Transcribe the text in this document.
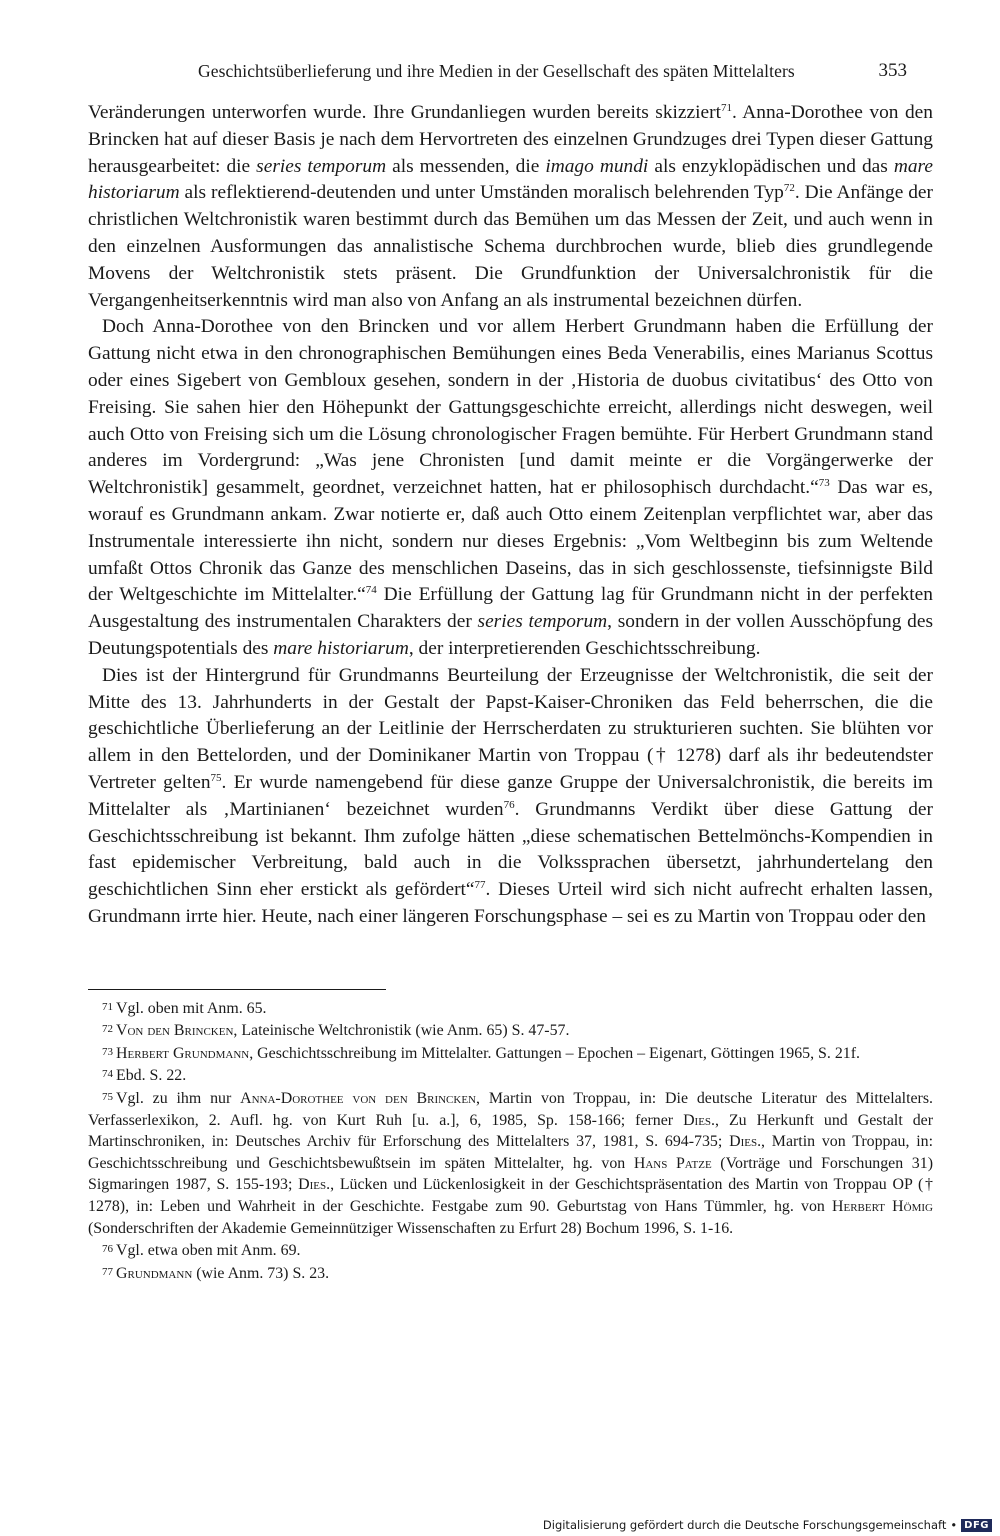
Geschichtsüberlieferung und ihre Medien in der Gesellschaft des späten Mittelalters	353

Veränderungen unterworfen wurde. Ihre Grundanliegen wurden bereits skizziert$^{71}$. Anna-Dorothee von den Brincken hat auf dieser Basis je nach dem Hervortreten des einzelnen Grundzuges drei Typen dieser Gattung herausgearbeitet: die series temporum als messenden, die imago mundi als enzyklopädischen und das mare historiarum als reflektierend-deutenden und unter Umständen moralisch belehrenden Typ$^{72}$. Die Anfänge der christlichen Weltchronistik waren bestimmt durch das Bemühen um das Messen der Zeit, und auch wenn in den einzelnen Ausformungen das annalistische Schema durchbrochen wurde, blieb dies grundlegende Movens der Weltchronistik stets präsent. Die Grundfunktion der Universalchronistik für die Vergangenheitserkenntnis wird man also von Anfang an als instrumental bezeichnen dürfen.

Doch Anna-Dorothee von den Brincken und vor allem Herbert Grundmann haben die Erfüllung der Gattung nicht etwa in den chronographischen Bemühungen eines Beda Venerabilis, eines Marianus Scottus oder eines Sigebert von Gembloux gesehen, sondern in der ‚Historia de duobus civitatibus‘ des Otto von Freising. Sie sahen hier den Höhepunkt der Gattungsgeschichte erreicht, allerdings nicht deswegen, weil auch Otto von Freising sich um die Lösung chronologischer Fragen bemühte. Für Herbert Grundmann stand anderes im Vordergrund: „Was jene Chronisten [und damit meinte er die Vorgängerwerke der Weltchronistik] gesammelt, geordnet, verzeichnet hatten, hat er philosophisch durchdacht.“$^{73}$ Das war es, worauf es Grundmann ankam. Zwar notierte er, daß auch Otto einem Zeitenplan verpflichtet war, aber das Instrumentale interessierte ihn nicht, sondern nur dieses Ergebnis: „Vom Weltbeginn bis zum Weltende umfaßt Ottos Chronik das Ganze des menschlichen Daseins, das in sich geschlossenste, tiefsinnigste Bild der Weltgeschichte im Mittelalter.“$^{74}$ Die Erfüllung der Gattung lag für Grundmann nicht in der perfekten Ausgestaltung des instrumentalen Charakters der series temporum, sondern in der vollen Ausschöpfung des Deutungspotentials des mare historiarum, der interpretierenden Geschichtsschreibung.

Dies ist der Hintergrund für Grundmanns Beurteilung der Erzeugnisse der Weltchronistik, die seit der Mitte des 13. Jahrhunderts in der Gestalt der Papst-Kaiser-Chroniken das Feld beherrschen, die die geschichtliche Überlieferung an der Leitlinie der Herrscherdaten zu strukturieren suchten. Sie blühten vor allem in den Bettelorden, und der Dominikaner Martin von Troppau († 1278) darf als ihr bedeutendster Vertreter gelten$^{75}$. Er wurde namengebend für diese ganze Gruppe der Universalchronistik, die bereits im Mittelalter als ‚Martinianen‘ bezeichnet wurden$^{76}$. Grundmanns Verdikt über diese Gattung der Geschichtsschreibung ist bekannt. Ihm zufolge hätten „diese schematischen Bettelmönchs-Kompendien in fast epidemischer Verbreitung, bald auch in die Volkssprachen übersetzt, jahrhundertelang den geschichtlichen Sinn eher erstickt als gefördert“$^{77}$. Dieses Urteil wird sich nicht aufrecht erhalten lassen, Grundmann irrte hier. Heute, nach einer längeren Forschungsphase – sei es zu Martin von Troppau oder den

71 Vgl. oben mit Anm. 65.

72 Von den Brincken, Lateinische Weltchronistik (wie Anm. 65) S. 47-57.

73 Herbert Grundmann, Geschichtsschreibung im Mittelalter. Gattungen – Epochen – Eigenart, Göttingen 1965, S. 21f.

74 Ebd. S. 22.

75 Vgl. zu ihm nur Anna-Dorothee von den Brincken, Martin von Troppau, in: Die deutsche Literatur des Mittelalters. Verfasserlexikon, 2. Aufl. hg. von Kurt Ruh [u. a.], 6, 1985, Sp. 158-166; ferner Dies., Zu Herkunft und Gestalt der Martinschroniken, in: Deutsches Archiv für Erforschung des Mittelalters 37, 1981, S. 694-735; Dies., Martin von Troppau, in: Geschichtsschreibung und Geschichtsbewußtsein im späten Mittelalter, hg. von Hans Patze (Vorträge und Forschungen 31) Sigmaringen 1987, S. 155-193; Dies., Lücken und Lückenlosigkeit in der Geschichtspräsentation des Martin von Troppau OP († 1278), in: Leben und Wahrheit in der Geschichte. Festgabe zum 90. Geburtstag von Hans Tümmler, hg. von Herbert Hömig (Sonderschriften der Akademie Gemeinnütziger Wissenschaften zu Erfurt 28) Bochum 1996, S. 1-16.

76 Vgl. etwa oben mit Anm. 69.

77 Grundmann (wie Anm. 73) S. 23.

Digitalisierung gefördert durch die Deutsche Forschungsgemeinschaft • DFG
